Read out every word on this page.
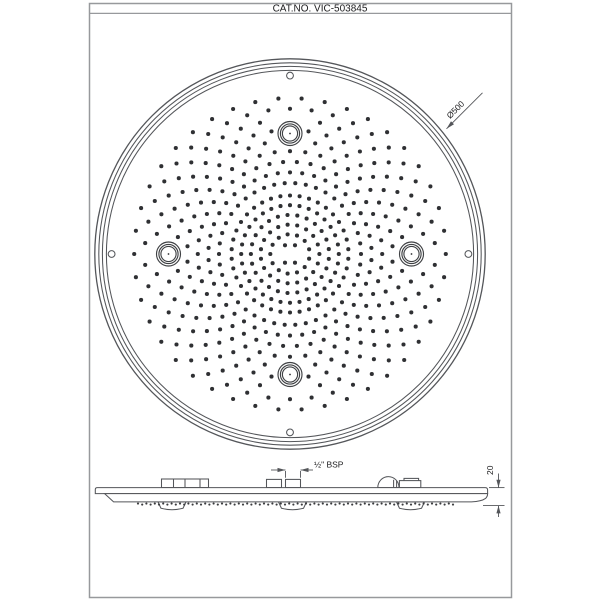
CAT.NO. VIC-503845
Ø500
½" BSP
20
